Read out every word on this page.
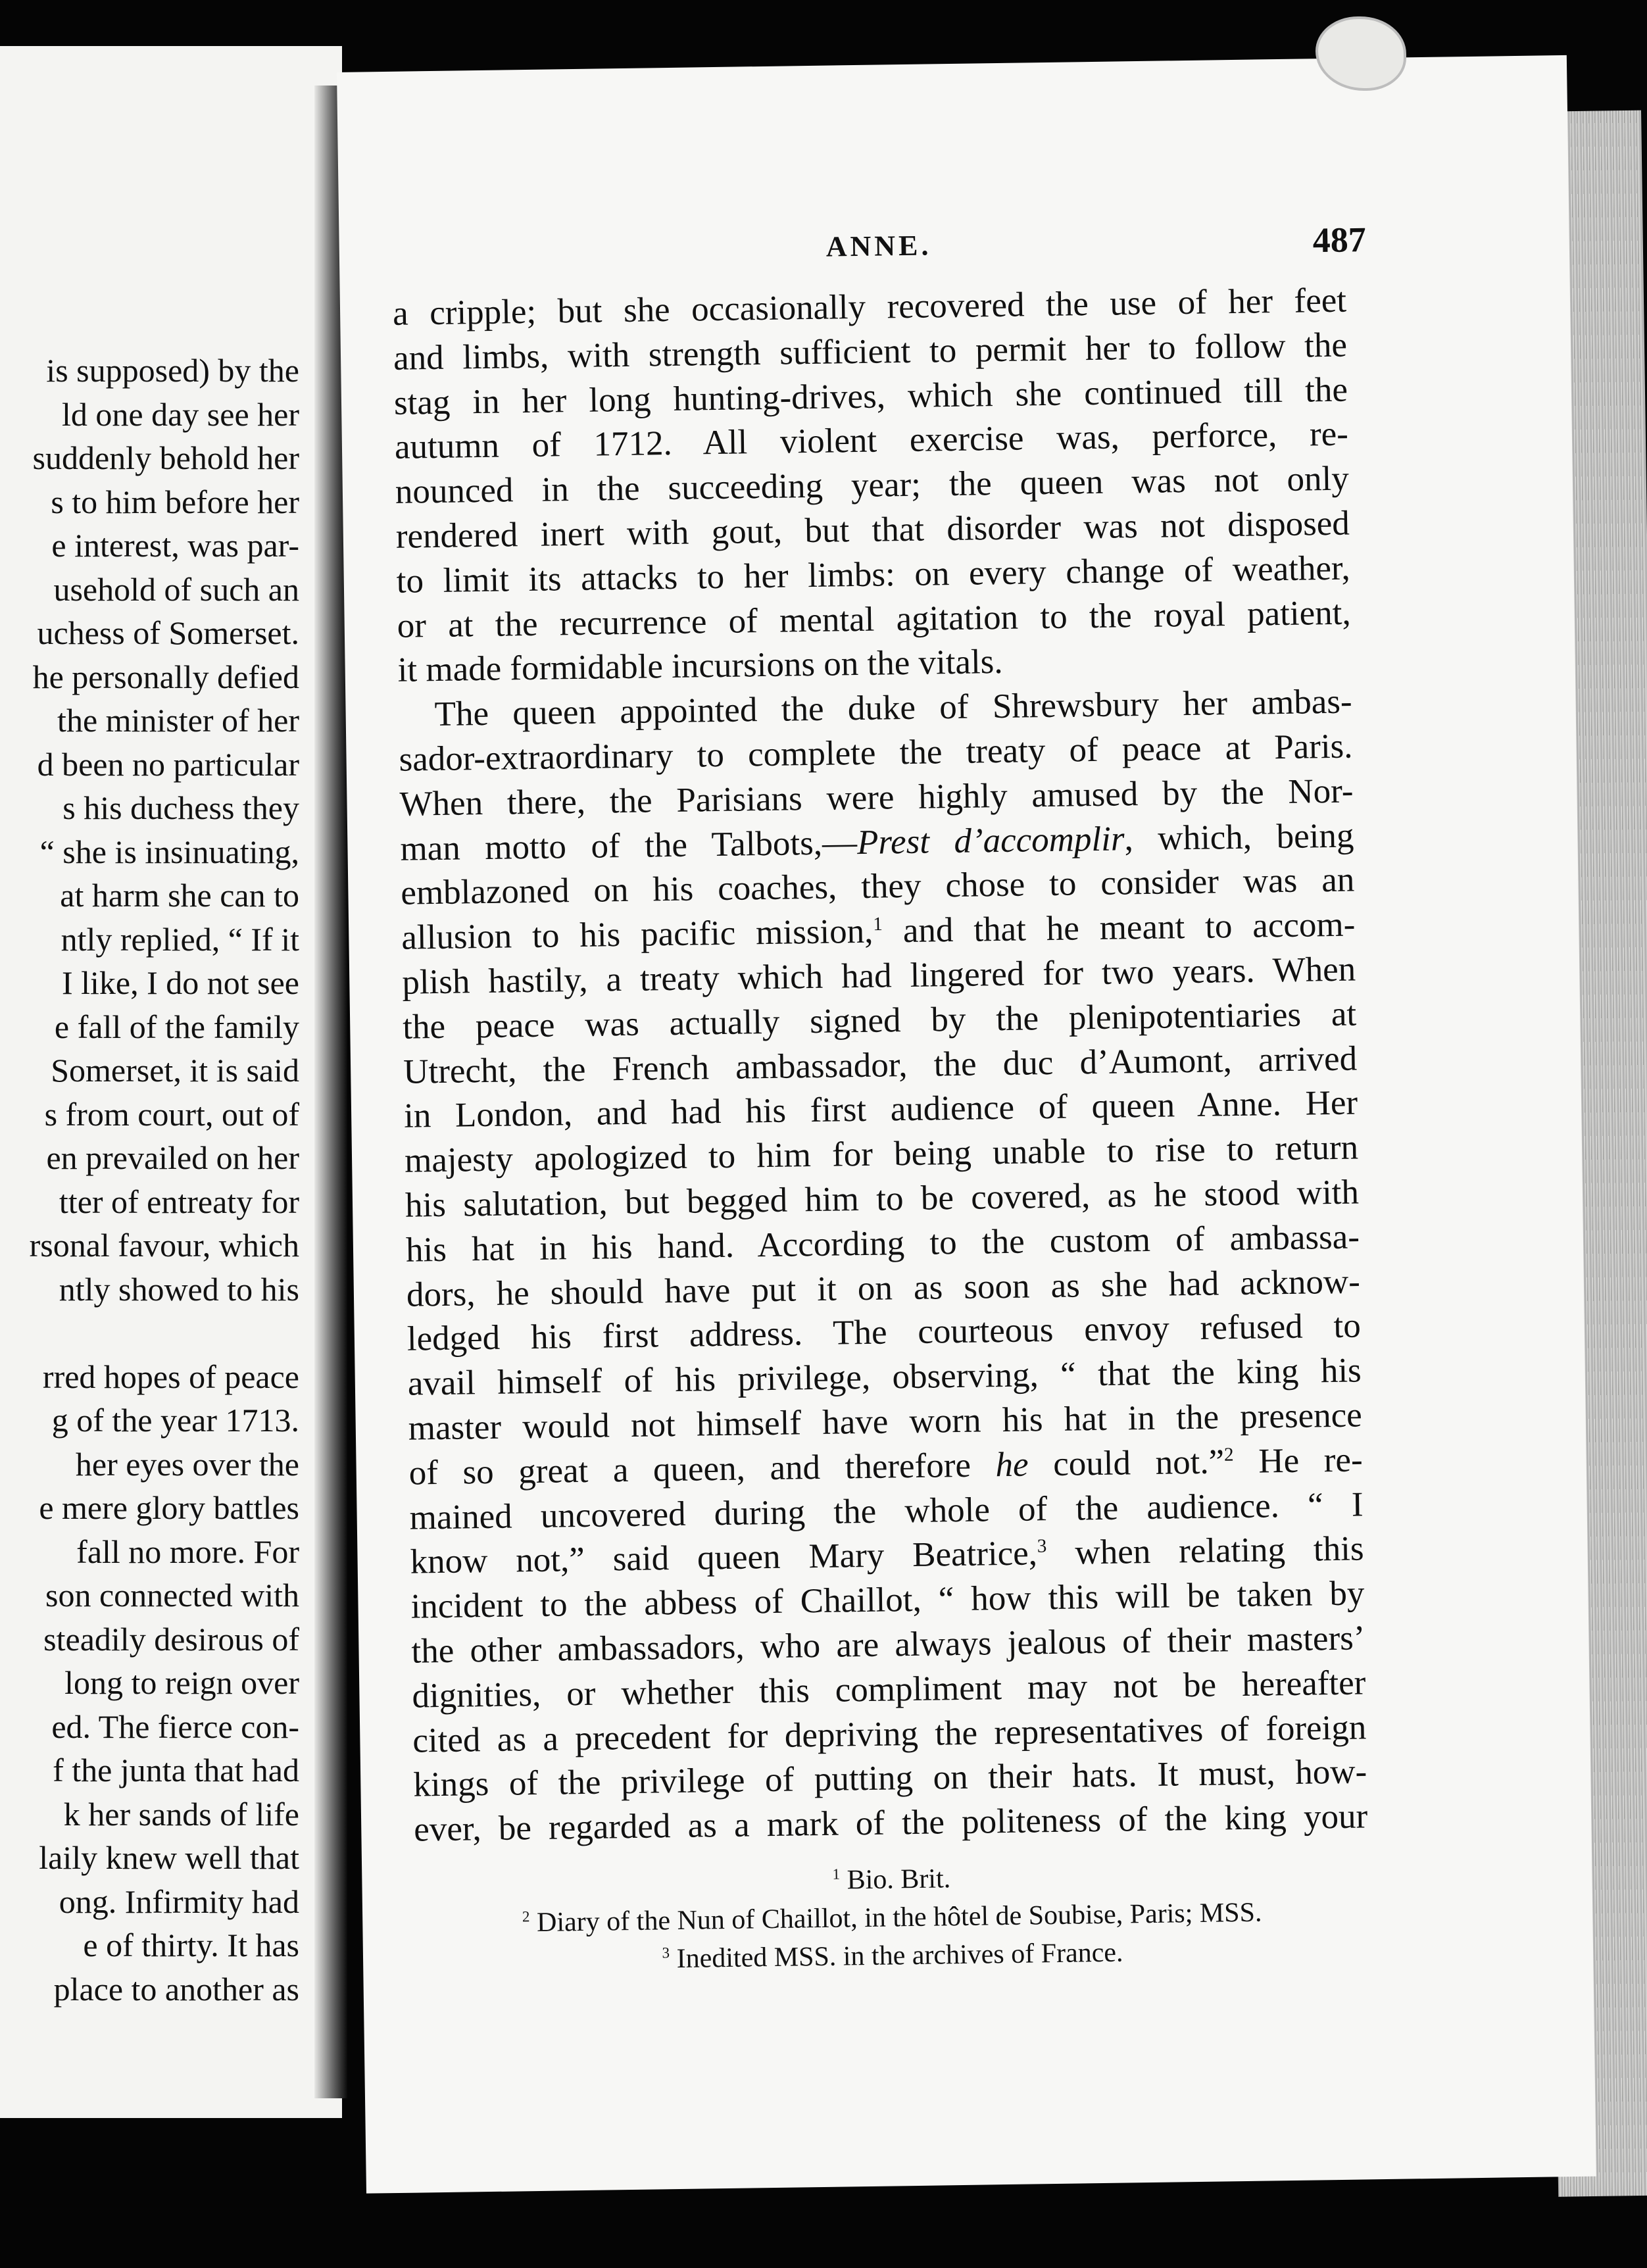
is supposed) by the
ld one day see her
suddenly behold her
s to him before her
e interest, was par-
usehold of such an
uchess of Somerset.
he personally defied
the minister of her
d been no particular
s his duchess they
“ she is insinuating,
at harm she can to
ntly replied, “ If it
I like, I do not see
e fall of the family
Somerset, it is said
s from court, out of
en prevailed on her
tter of entreaty for
rsonal favour, which
ntly showed to his
rred hopes of peace
g of the year 1713.
her eyes over the
e mere glory battles
fall no more. For
son connected with
steadily desirous of
long to reign over
ed. The fierce con-
f the junta that had
k her sands of life
laily knew well that
ong. Infirmity had
e of thirty. It has
place to another as
ANNE.	487
a cripple; but she occasionally recovered the use of her feet
and limbs, with strength sufficient to permit her to follow the
stag in her long hunting-drives, which she continued till the
autumn of 1712. All violent exercise was, perforce, re-
nounced in the succeeding year; the queen was not only
rendered inert with gout, but that disorder was not disposed
to limit its attacks to her limbs: on every change of weather,
or at the recurrence of mental agitation to the royal patient,
it made formidable incursions on the vitals.
The queen appointed the duke of Shrewsbury her ambas-
sador-extraordinary to complete the treaty of peace at Paris.
When there, the Parisians were highly amused by the Nor-
man motto of the Talbots,—Prest d’accomplir, which, being
emblazoned on his coaches, they chose to consider was an
allusion to his pacific mission,$^1$ and that he meant to accom-
plish hastily, a treaty which had lingered for two years. When
the peace was actually signed by the plenipotentiaries at
Utrecht, the French ambassador, the duc d’Aumont, arrived
in London, and had his first audience of queen Anne. Her
majesty apologized to him for being unable to rise to return
his salutation, but begged him to be covered, as he stood with
his hat in his hand. According to the custom of ambassa-
dors, he should have put it on as soon as she had acknow-
ledged his first address. The courteous envoy refused to
avail himself of his privilege, observing, “ that the king his
master would not himself have worn his hat in the presence
of so great a queen, and therefore he could not.”$^2$ He re-
mained uncovered during the whole of the audience. “ I
know not,” said queen Mary Beatrice,$^3$ when relating this
incident to the abbess of Chaillot, “ how this will be taken by
the other ambassadors, who are always jealous of their masters’
dignities, or whether this compliment may not be hereafter
cited as a precedent for depriving the representatives of foreign
kings of the privilege of putting on their hats. It must, how-
ever, be regarded as a mark of the politeness of the king your
$^1$ Bio. Brit.
$^2$ Diary of the Nun of Chaillot, in the hôtel de Soubise, Paris; MSS.
$^3$ Inedited MSS. in the archives of France.
